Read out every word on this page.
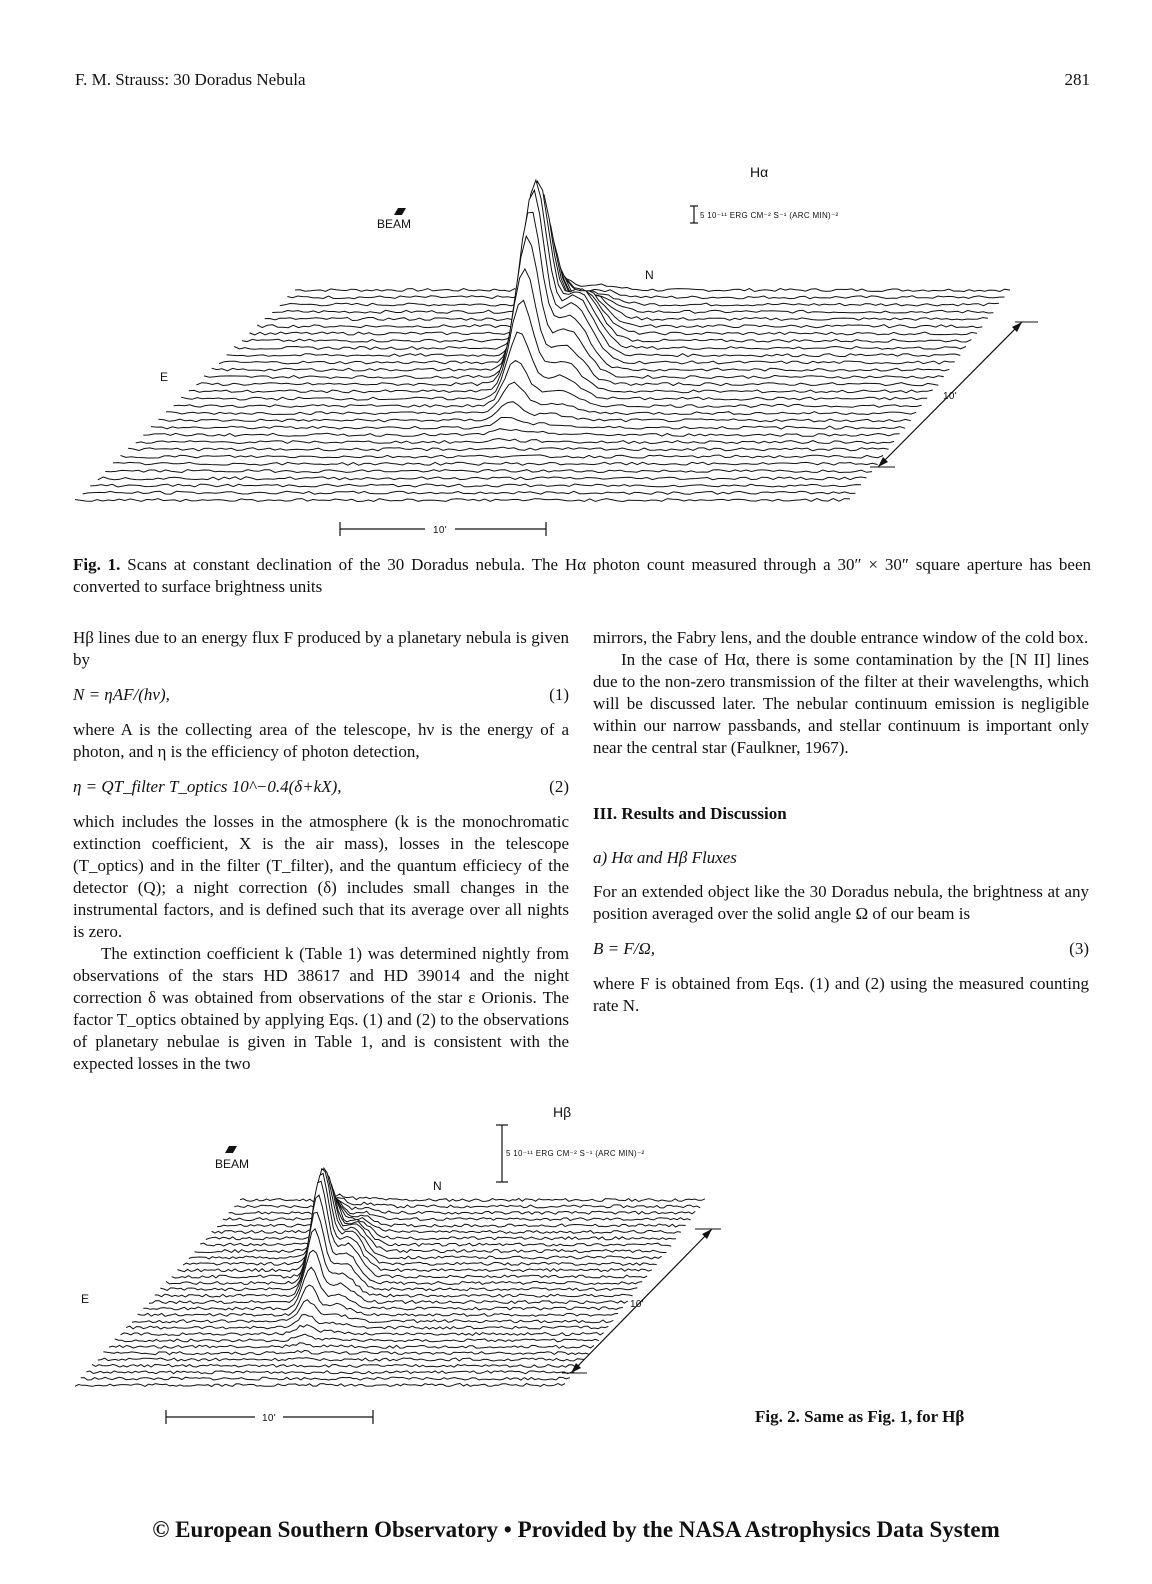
F. M. Strauss: 30 Doradus Nebula	281
BEAM
Hα
5 10⁻¹¹ ERG CM⁻² S⁻¹ (ARC MIN)⁻²
N
E
10'
10'
Fig. 1. Scans at constant declination of the 30 Doradus nebula. The Hα photon count measured through a 30″ × 30″ square aperture has been converted to surface brightness units

Hβ lines due to an energy flux F produced by a planetary nebula is given by

N = ηAF/(hν),	(1)

where A is the collecting area of the telescope, hν is the energy of a photon, and η is the efficiency of photon detection,

η = QT_filter T_optics 10^−0.4(δ+kX),	(2)

which includes the losses in the atmosphere (k is the monochromatic extinction coefficient, X is the air mass), losses in the telescope (T_optics) and in the filter (T_filter), and the quantum efficiecy of the detector (Q); a night correction (δ) includes small changes in the instrumental factors, and is defined such that its average over all nights is zero.

The extinction coefficient k (Table 1) was determined nightly from observations of the stars HD 38617 and HD 39014 and the night correction δ was obtained from observations of the star ε Orionis. The factor T_optics obtained by applying Eqs. (1) and (2) to the observations of planetary nebulae is given in Table 1, and is consistent with the expected losses in the two

mirrors, the Fabry lens, and the double entrance window of the cold box.

In the case of Hα, there is some contamination by the [N II] lines due to the non-zero transmission of the filter at their wavelengths, which will be discussed later. The nebular continuum emission is negligible within our narrow passbands, and stellar continuum is important only near the central star (Faulkner, 1967).

III. Results and Discussion

a) Hα and Hβ Fluxes

For an extended object like the 30 Doradus nebula, the brightness at any position averaged over the solid angle Ω of our beam is

B = F/Ω,	(3)

where F is obtained from Eqs. (1) and (2) using the measured counting rate N.

BEAM
Hβ
5 10⁻¹¹ ERG CM⁻² S⁻¹ (ARC MIN)⁻²
N
E	10'
10'	Fig. 2. Same as Fig. 1, for Hβ
© European Southern Observatory • Provided by the NASA Astrophysics Data System
